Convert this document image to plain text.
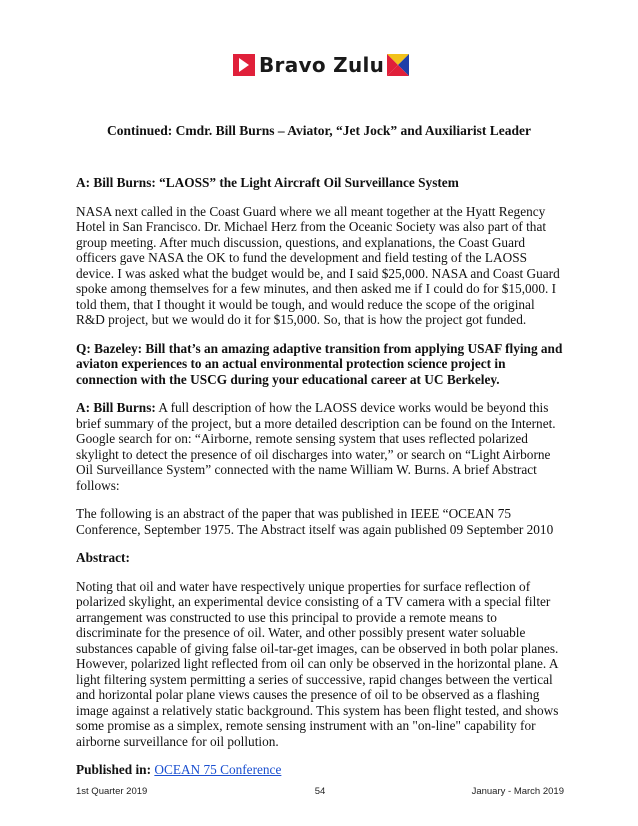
Bravo Zulu
Continued: Cmdr. Bill Burns – Aviator, “Jet Jock” and Auxiliarist Leader

A: Bill Burns: “LAOSS” the Light Aircraft Oil Surveillance System

NASA next called in the Coast Guard where we all meant together at the Hyatt Regency Hotel in San Francisco. Dr. Michael Herz from the Oceanic Society was also part of that group meeting. After much discussion, questions, and explanations, the Coast Guard officers gave NASA the OK to fund the development and field testing of the LAOSS device. I was asked what the budget would be, and I said $25,000. NASA and Coast Guard spoke among themselves for a few minutes, and then asked me if I could do for $15,000. I told them, that I thought it would be tough, and would reduce the scope of the original R&D project, but we would do it for $15,000. So, that is how the project got funded.

Q: Bazeley: Bill that’s an amazing adaptive transition from applying USAF flying and aviaton experiences to an actual environmental protection science project in connection with the USCG during your educational career at UC Berkeley.

A: Bill Burns: A full description of how the LAOSS device works would be beyond this brief summary of the project, but a more detailed description can be found on the Internet. Google search for on: “Airborne, remote sensing system that uses reflected polarized skylight to detect the presence of oil discharges into water,” or search on “Light Airborne Oil Surveillance System” connected with the name William W. Burns. A brief Abstract follows:

The following is an abstract of the paper that was published in IEEE “OCEAN 75 Conference, September 1975. The Abstract itself was again published 09 September 2010

Abstract:

Noting that oil and water have respectively unique properties for surface reflection of polarized skylight, an experimental device consisting of a TV camera with a special filter arrangement was constructed to use this principal to provide a remote means to discriminate for the presence of oil. Water, and other possibly present water soluable substances capable of giving false oil-tar-get images, can be observed in both polar planes. However, polarized light reflected from oil can only be observed in the horizontal plane. A light filtering system permitting a series of successive, rapid changes between the vertical and horizontal polar plane views causes the presence of oil to be observed as a flashing image against a relatively static background. This system has been flight tested, and shows some promise as a simplex, remote sensing instrument with an "on-line" capability for airborne surveillance for oil pollution.

Published in: OCEAN 75 Conference

1st Quarter 2019	54	January - March 2019
